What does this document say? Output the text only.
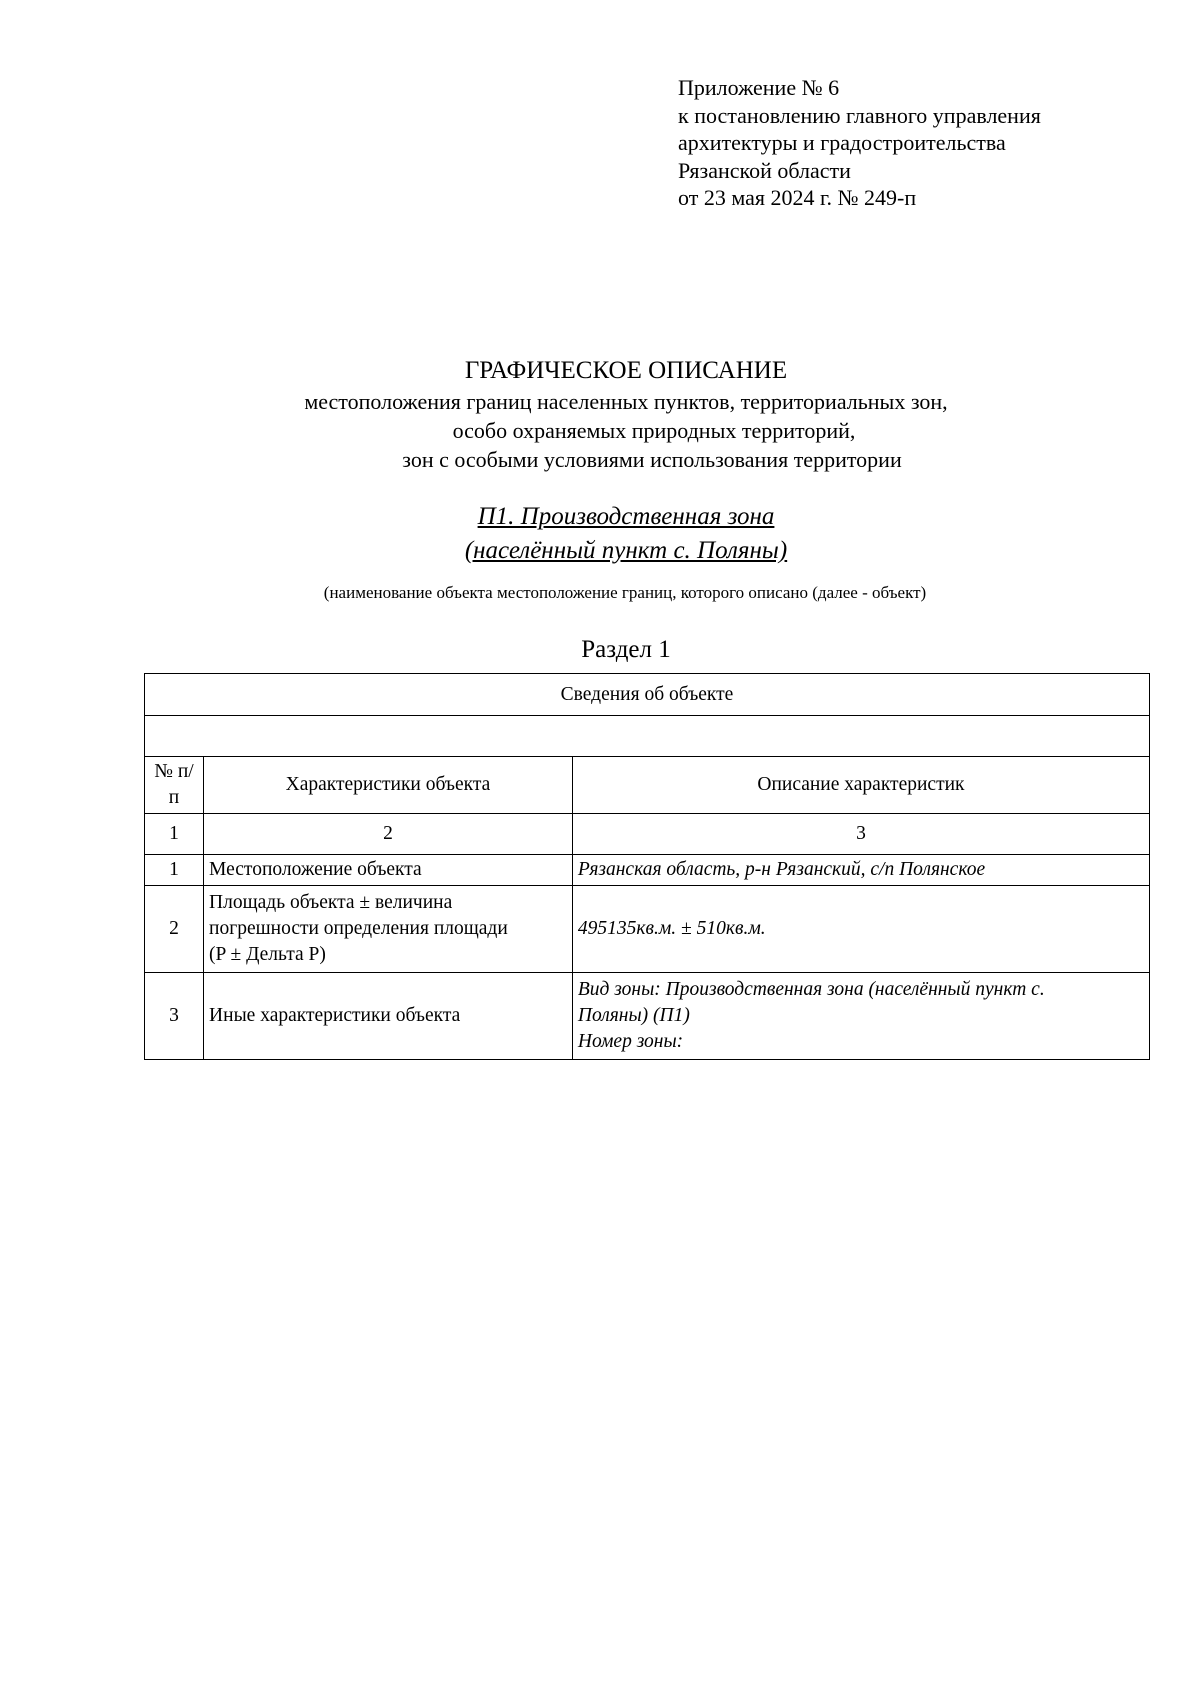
Приложение № 6
к постановлению главного управления
архитектуры и градостроительства
Рязанской области
от 23 мая 2024 г. № 249-п
ГРАФИЧЕСКОЕ ОПИСАНИЕ
местоположения границ населенных пунктов, территориальных зон,
особо охраняемых природных территорий,
зон с особыми условиями использования территории
П1. Производственная зона
(населённый пункт с. Поляны)
(наименование объекта местоположение границ, которого описано (далее - объект)
Раздел 1
Сведения об объекте		

№ п/п	Характеристики объекта	Описание характеристик
1	2	3
1	Местоположение объекта	Рязанская область, р-н Рязанский, с/п Полянское
2	Площадь объекта ± величина
погрешности определения площади
(P ± Дельта P)	495135кв.м. ± 510кв.м.
3	Иные характеристики объекта	Вид зоны: Производственная зона (населённый пункт с.
Поляны) (П1)
Номер зоны:
